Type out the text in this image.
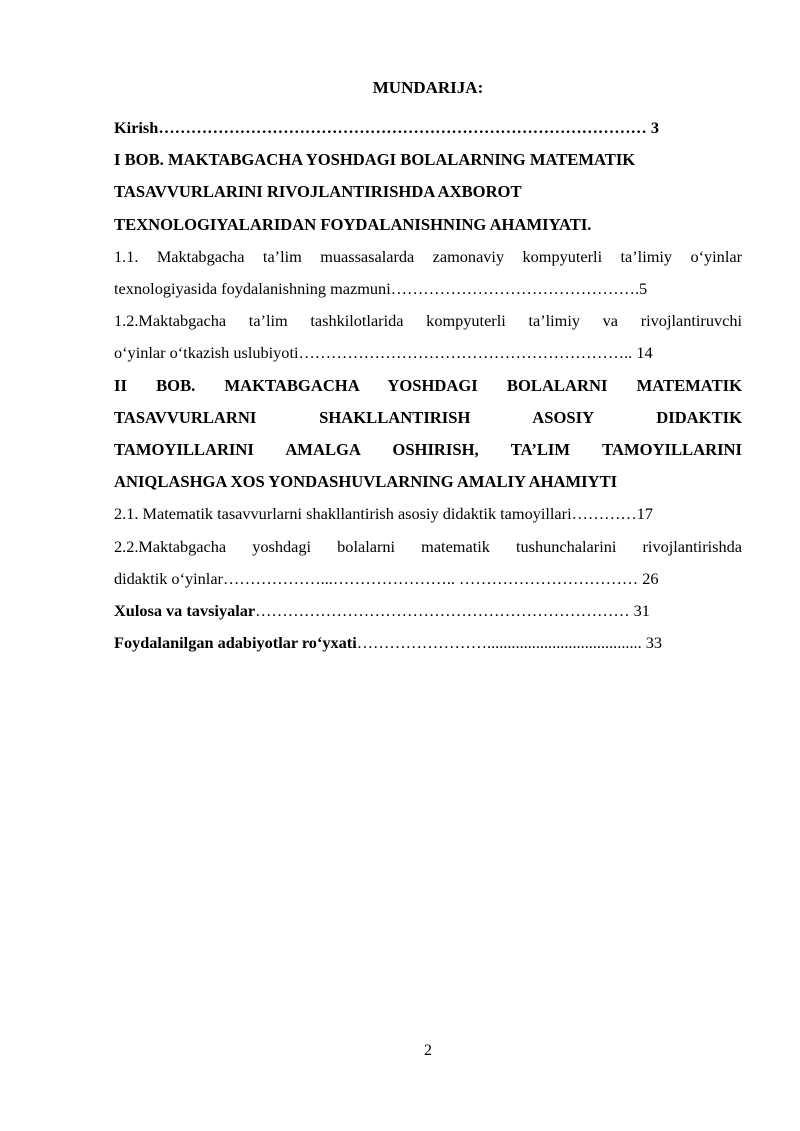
MUNDARIJA:
Kirish……………………………………………………………………………… 3
I BOB. MAKTABGACHA YOSHDAGI BOLALARNING MATEMATIK
TASAVVURLARINI RIVOJLANTIRISHDA AXBOROT
TEXNOLOGIYALARIDAN FOYDALANISHNING AHAMIYATI.
1.1. Maktabgacha ta’lim muassasalarda zamonaviy kompyuterli ta’limiy o‘yinlar
texnologiyasida foydalanishning mazmuni……………………………………….5
1.2.Maktabgacha ta’lim tashkilotlarida kompyuterli ta’limiy va rivojlantiruvchi
o‘yinlar o‘tkazish uslubiyoti…………………………………………………….. 14
II BOB. MAKTABGACHA YOSHDAGI BOLALARNI MATEMATIK
TASAVVURLARNI SHAKLLANTIRISH ASOSIY DIDAKTIK
TAMOYILLARINI AMALGA OSHIRISH, TA’LIM TAMOYILLARINI
ANIQLASHGA XOS YONDASHUVLARNING AMALIY AHAMIYTI
2.1. Matematik tasavvurlarni shakllantirish asosiy didaktik tamoyillari…………17
2.2.Maktabgacha yoshdagi bolalarni matematik tushunchalarini rivojlantirishda
didaktik o‘yinlar………………...………………….. …………………………… 26
Xulosa va tavsiyalar…………………………………………………………… 31
Foydalanilgan adabiyotlar ro‘yxati……………………...................................... 33
2
